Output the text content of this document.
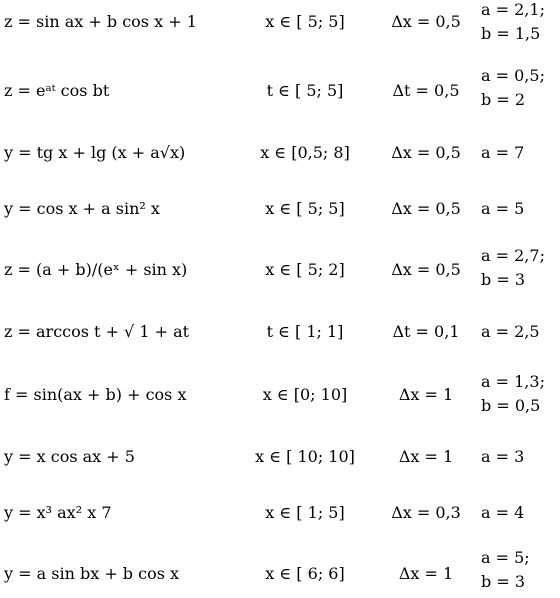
z = sin ax + b cos x + 1	x ∈ [ 5; 5]	Δx = 0,5
a = 2,1;
b = 1,5
z = eᵃᵗ cos bt	t ∈ [ 5; 5]	Δt = 0,5
a = 0,5;
b = 2
y = tg x + lg (x + a√x)	x ∈ [0,5; 8]	Δx = 0,5	a = 7
y = cos x + a sin² x	x ∈ [ 5; 5]	Δx = 0,5	a = 5
z = (a + b)/(eˣ + sin x)	x ∈ [ 5; 2]	Δx = 0,5
a = 2,7;
b = 3
z = arccos t + √ 1 + at	t ∈ [ 1; 1]	Δt = 0,1	a = 2,5
f = sin(ax + b) + cos x	x ∈ [0; 10]	Δx = 1
a = 1,3;
b = 0,5
y = x cos ax + 5	x ∈ [ 10; 10]	Δx = 1	a = 3
y = x³ ax² x 7	x ∈ [ 1; 5]	Δx = 0,3	a = 4
y = a sin bx + b cos x	x ∈ [ 6; 6]	Δx = 1
a = 5;
b = 3
